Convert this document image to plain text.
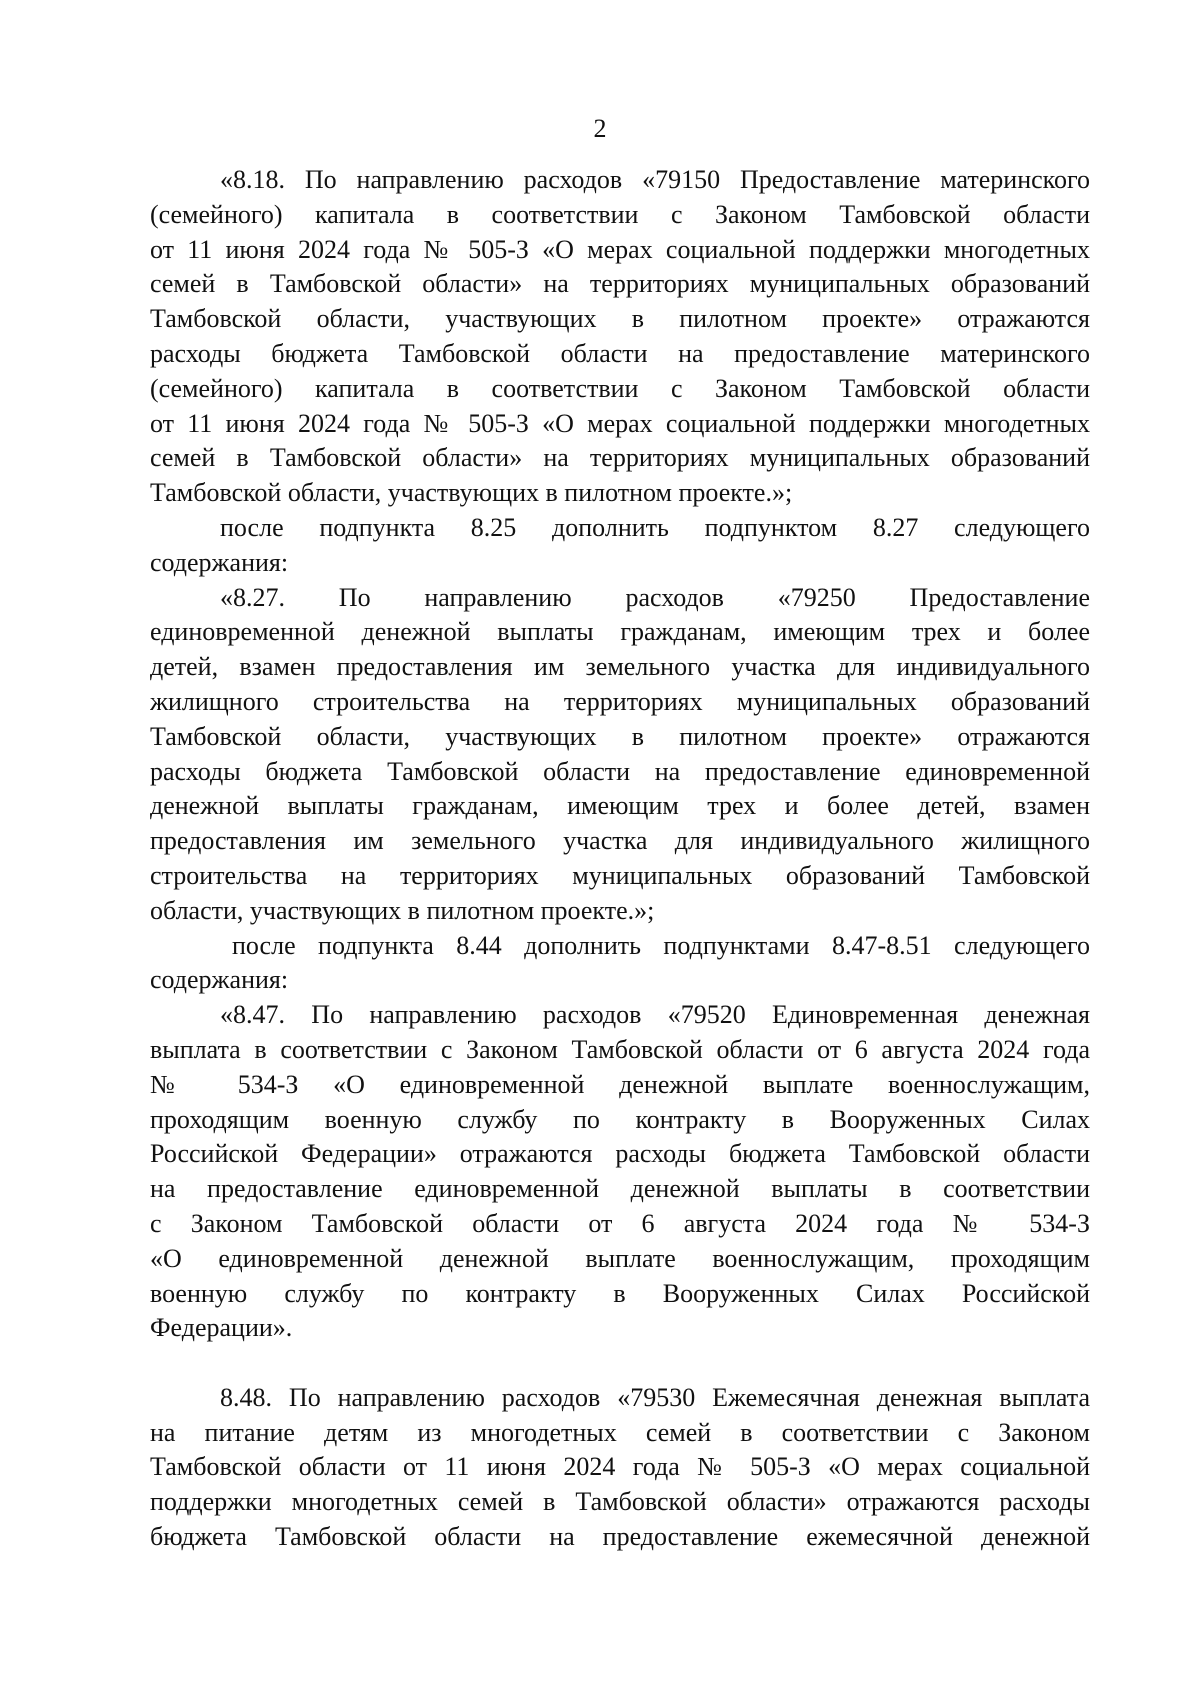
2
«8.18. По направлению расходов «79150 Предоставление материнского
(семейного) капитала в соответствии с Законом Тамбовской области
от 11 июня 2024 года № 505-З «О мерах социальной поддержки многодетных
семей в Тамбовской области» на территориях муниципальных образований
Тамбовской области, участвующих в пилотном проекте» отражаются
расходы бюджета Тамбовской области на предоставление материнского
(семейного) капитала в соответствии с Законом Тамбовской области
от 11 июня 2024 года № 505-З «О мерах социальной поддержки многодетных
семей в Тамбовской области» на территориях муниципальных образований
Тамбовской области, участвующих в пилотном проекте.»;
после подпункта 8.25 дополнить подпунктом 8.27 следующего
содержания:
«8.27. По направлению расходов «79250 Предоставление
единовременной денежной выплаты гражданам, имеющим трех и более
детей, взамен предоставления им земельного участка для индивидуального
жилищного строительства на территориях муниципальных образований
Тамбовской области, участвующих в пилотном проекте» отражаются
расходы бюджета Тамбовской области на предоставление единовременной
денежной выплаты гражданам, имеющим трех и более детей, взамен
предоставления им земельного участка для индивидуального жилищного
строительства на территориях муниципальных образований Тамбовской
области, участвующих в пилотном проекте.»;
после подпункта 8.44 дополнить подпунктами 8.47-8.51 следующего
содержания:
«8.47. По направлению расходов «79520 Единовременная денежная
выплата в соответствии с Законом Тамбовской области от 6 августа 2024 года
№ 534-З «О единовременной денежной выплате военнослужащим,
проходящим военную службу по контракту в Вооруженных Силах
Российской Федерации» отражаются расходы бюджета Тамбовской области
на предоставление единовременной денежной выплаты в соответствии
с Законом Тамбовской области от 6 августа 2024 года № 534-З
«О единовременной денежной выплате военнослужащим, проходящим
военную службу по контракту в Вооруженных Силах Российской
Федерации».
8.48. По направлению расходов «79530 Ежемесячная денежная выплата
на питание детям из многодетных семей в соответствии с Законом
Тамбовской области от 11 июня 2024 года № 505-З «О мерах социальной
поддержки многодетных семей в Тамбовской области» отражаются расходы
бюджета Тамбовской области на предоставление ежемесячной денежной
